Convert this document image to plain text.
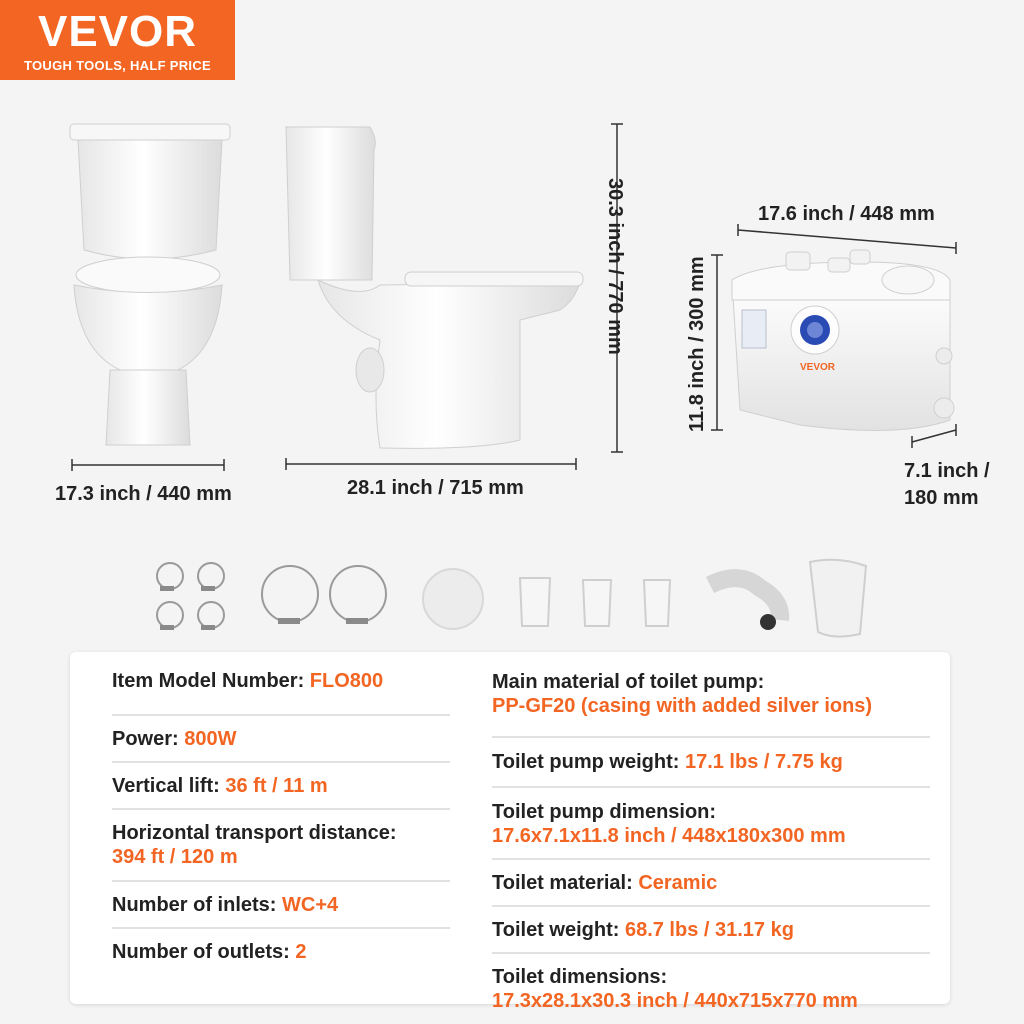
VEVOR
TOUGH TOOLS, HALF PRICE
VEVOR
17.3 inch / 440 mm	28.1 inch / 715 mm
30.3 inch / 770 mm	17.6 inch / 448 mm
11.8 inch / 300 mm
7.1 inch /
180 mm
Item Model Number: FLO800
Power: 800W
Vertical lift: 36 ft / 11 m
Horizontal transport distance:
394 ft / 120 m
Number of inlets: WC+4
Number of outlets: 2
Main material of toilet pump:
PP-GF20 (casing with added silver ions)
Toilet pump weight: 17.1 lbs / 7.75 kg
Toilet pump dimension:
17.6x7.1x11.8 inch / 448x180x300 mm
Toilet material: Ceramic
Toilet weight: 68.7 lbs / 31.17 kg
Toilet dimensions:
17.3x28.1x30.3 inch / 440x715x770 mm
